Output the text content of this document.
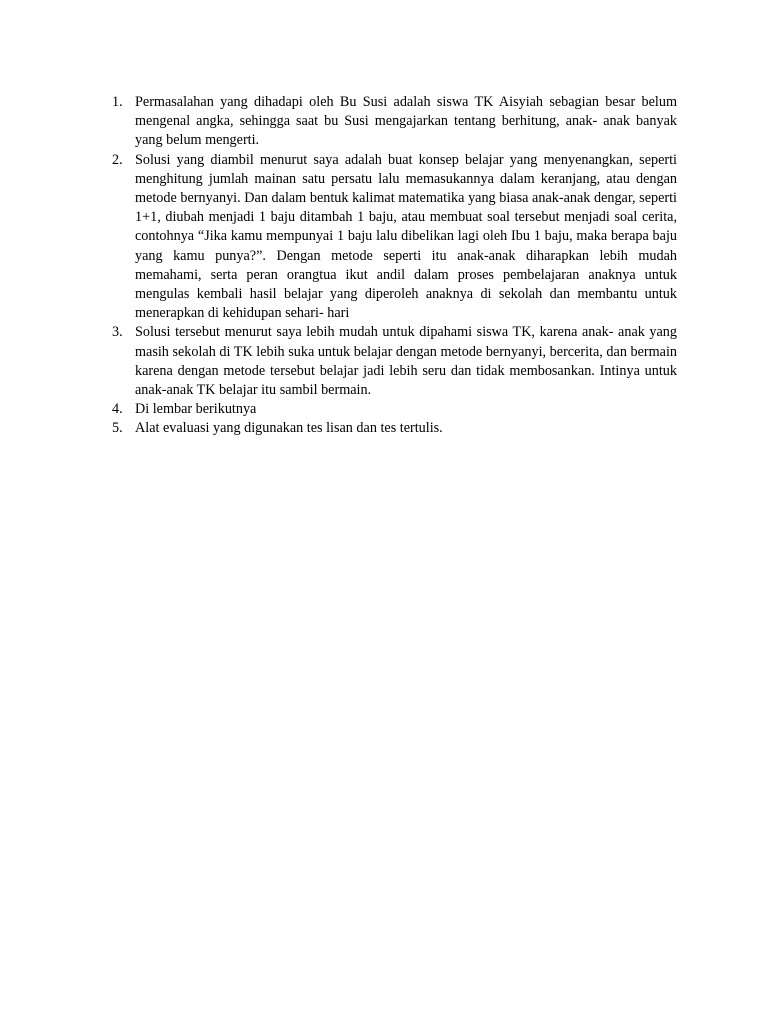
1. Permasalahan yang dihadapi oleh Bu Susi adalah siswa TK Aisyiah sebagian besar belum mengenal angka, sehingga saat bu Susi mengajarkan tentang berhitung, anak- anak banyak yang belum mengerti.
2. Solusi yang diambil menurut saya adalah buat konsep belajar yang menyenangkan, seperti menghitung jumlah mainan satu persatu lalu memasukannya dalam keranjang, atau dengan metode bernyanyi. Dan dalam bentuk kalimat matematika yang biasa anak-anak dengar, seperti 1+1, diubah menjadi 1 baju ditambah 1 baju, atau membuat soal tersebut menjadi soal cerita, contohnya “Jika kamu mempunyai 1 baju lalu dibelikan lagi oleh Ibu 1 baju, maka berapa baju yang kamu punya?”. Dengan metode seperti itu anak-anak diharapkan lebih mudah memahami, serta peran orangtua ikut andil dalam proses pembelajaran anaknya untuk mengulas kembali hasil belajar yang diperoleh anaknya di sekolah dan membantu untuk menerapkan di kehidupan sehari- hari
3. Solusi tersebut menurut saya lebih mudah untuk dipahami siswa TK, karena anak- anak yang masih sekolah di TK lebih suka untuk belajar dengan metode bernyanyi, bercerita, dan bermain karena dengan metode tersebut belajar jadi lebih seru dan tidak membosankan. Intinya untuk anak-anak TK belajar itu sambil bermain.
4. Di lembar berikutnya
5. Alat evaluasi yang digunakan tes lisan dan tes tertulis.
